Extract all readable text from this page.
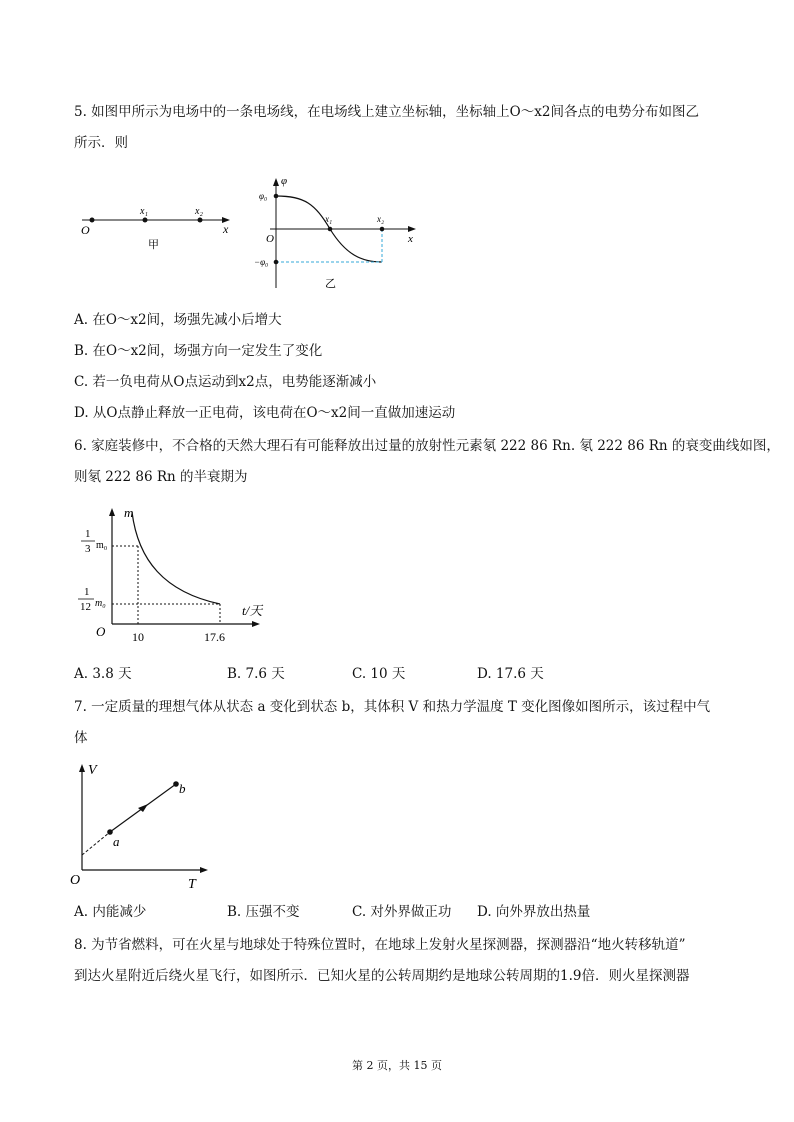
5. 如图甲所示为电场中的一条电场线，在电场线上建立坐标轴，坐标轴上O～x2间各点的电势分布如图乙
所示．则
O
x₁	x₂
x
甲
φ
φ₀
−φ₀
O
x₁	x₂
x
乙
A. 在O～x2间，场强先减小后增大
B. 在O～x2间，场强方向一定发生了变化
C. 若一负电荷从O点运动到x2点，电势能逐渐减小
D. 从O点静止释放一正电荷，该电荷在O～x2间一直做加速运动
6. 家庭装修中，不合格的天然大理石有可能释放出过量的放射性元素氡 222 86 Rn. 氡 222 86 Rn 的衰变曲线如图，
则氡 222 86 Rn 的半衰期为
m
t/天
O
1
3 m₀
1
12 m₀
10	17.6
A. 3.8 天	B. 7.6 天	C. 10 天	D. 17.6 天
7. 一定质量的理想气体从状态 a 变化到状态 b，其体积 V 和热力学温度 T 变化图像如图所示，该过程中气
体
V
T
O
a
b
A. 内能减少	B. 压强不变	C. 对外界做正功 D. 向外界放出热量
8. 为节省燃料，可在火星与地球处于特殊位置时，在地球上发射火星探测器，探测器沿“地火转移轨道”
到达火星附近后绕火星飞行，如图所示．已知火星的公转周期约是地球公转周期的1.9倍．则火星探测器
第 2 页，共 15 页
